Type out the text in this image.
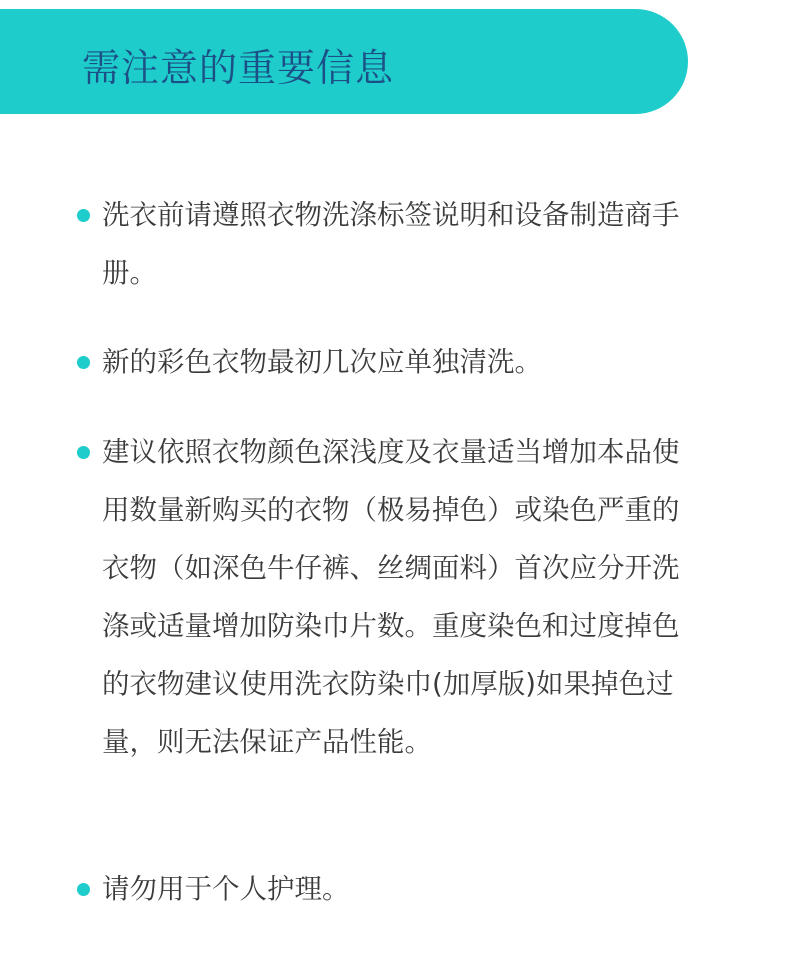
需注意的重要信息

洗衣前请遵照衣物洗涤标签说明和设备制造商手册。

新的彩色衣物最初几次应单独清洗。

建议依照衣物颜色深浅度及衣量适当增加本品使用数量新购买的衣物（极易掉色）或染色严重的衣物（如深色牛仔裤、丝绸面料）首次应分开洗涤或适量增加防染巾片数。重度染色和过度掉色的衣物建议使用洗衣防染巾(加厚版)如果掉色过量，则无法保证产品性能。

请勿用于个人护理。
